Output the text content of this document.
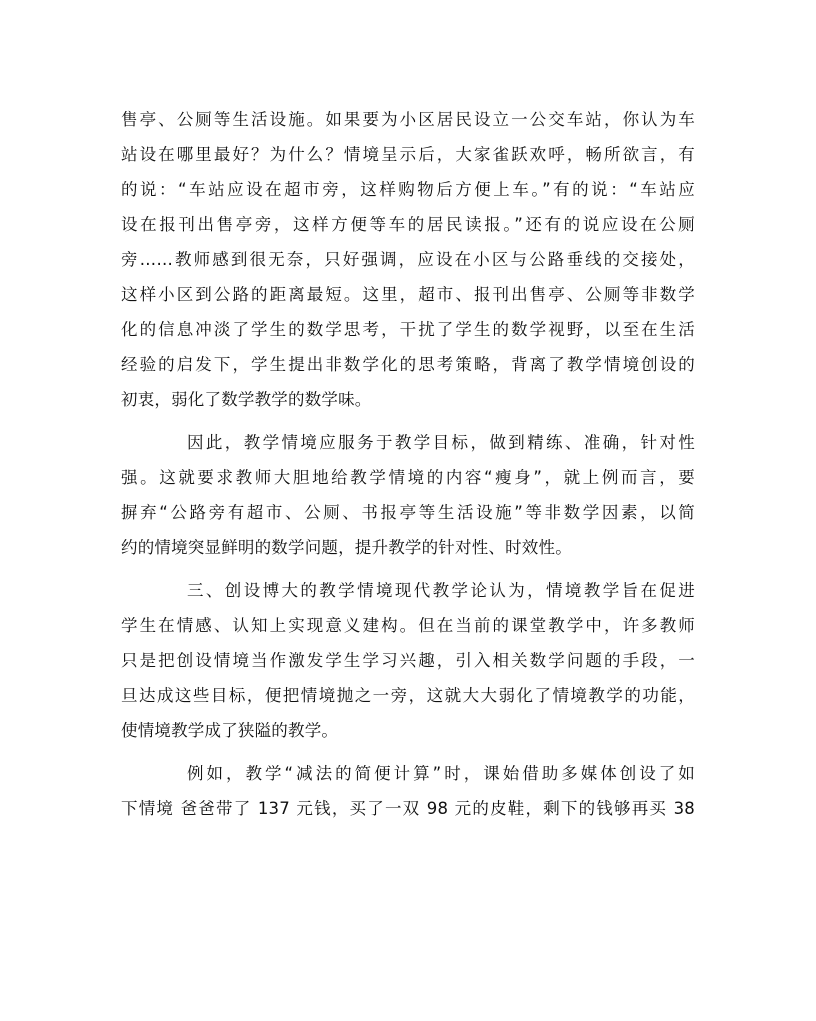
售亭、公厕等生活设施。如果要为小区居民设立一公交车站，你认为车
站设在哪里最好？为什么？情境呈示后，大家雀跃欢呼，畅所欲言，有
的说：“车站应设在超市旁，这样购物后方便上车。”有的说：“车站应
设在报刊出售亭旁，这样方便等车的居民读报。”还有的说应设在公厕
旁……教师感到很无奈，只好强调，应设在小区与公路垂线的交接处，
这样小区到公路的距离最短。这里，超市、报刊出售亭、公厕等非数学
化的信息冲淡了学生的数学思考，干扰了学生的数学视野，以至在生活
经验的启发下，学生提出非数学化的思考策略，背离了教学情境创设的
初衷，弱化了数学教学的数学味。
因此，教学情境应服务于教学目标，做到精练、准确，针对性
强。这就要求教师大胆地给教学情境的内容“瘦身”，就上例而言，要
摒弃“公路旁有超市、公厕、书报亭等生活设施”等非数学因素，以简
约的情境突显鲜明的数学问题，提升教学的针对性、时效性。
三、创设博大的教学情境现代教学论认为，情境教学旨在促进
学生在情感、认知上实现意义建构。但在当前的课堂教学中，许多教师
只是把创设情境当作激发学生学习兴趣，引入相关数学问题的手段，一
旦达成这些目标，便把情境抛之一旁，这就大大弱化了情境教学的功能，
使情境教学成了狭隘的教学。
例如，教学“减法的简便计算”时，课始借助多媒体创设了如
下情境 爸爸带了 137 元钱，买了一双 98 元的皮鞋，剩下的钱够再买 38
